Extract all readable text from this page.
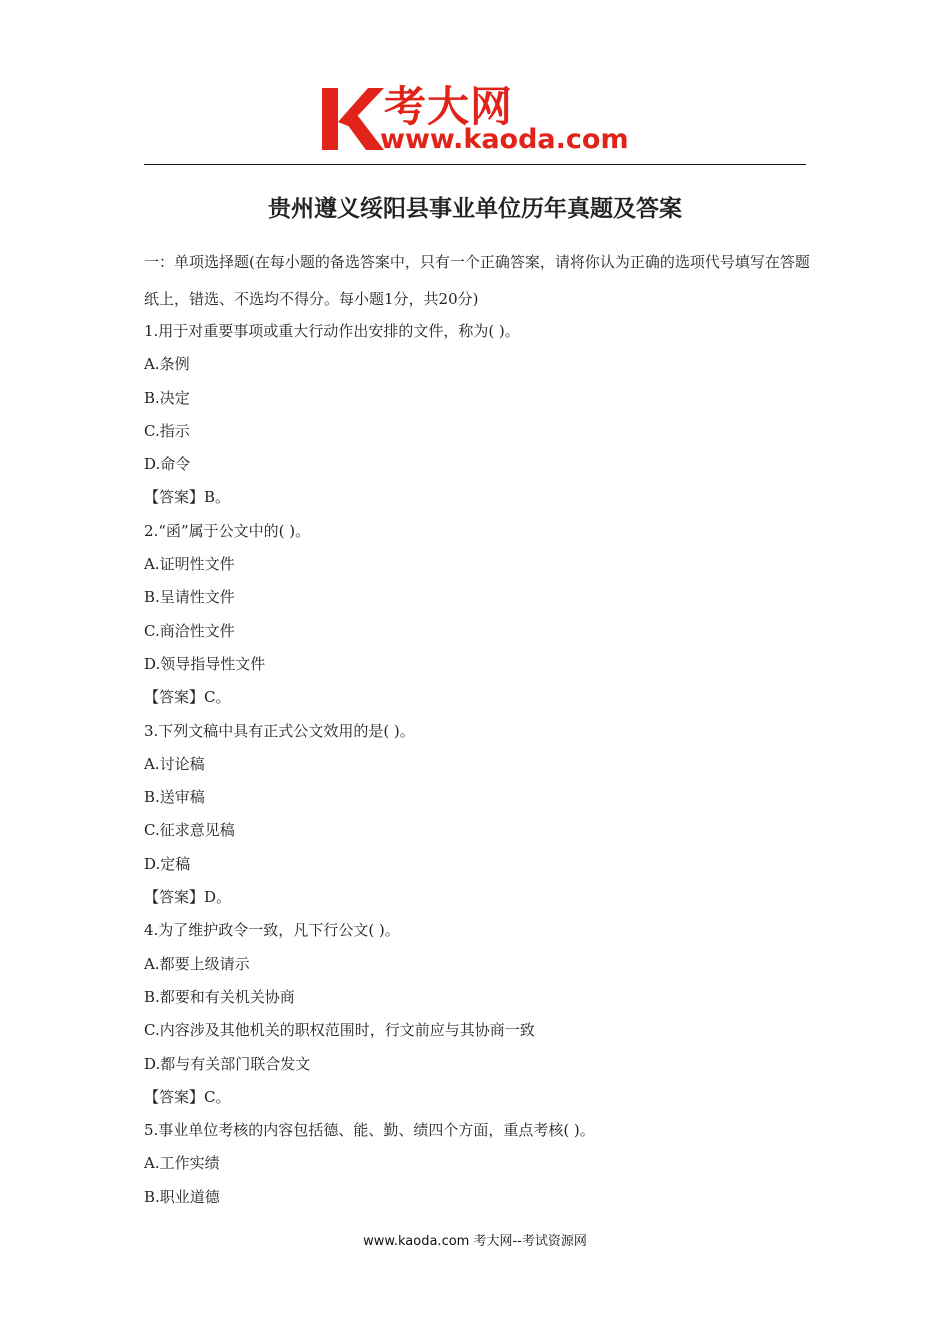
考大网
www.kaoda.com
贵州遵义绥阳县事业单位历年真题及答案
一：单项选择题(在每小题的备选答案中，只有一个正确答案，请将你认为正确的选项代号填写在答题纸上，错选、不选均不得分。每小题1分，共20分)
1.用于对重要事项或重大行动作出安排的文件，称为( )。
A.条例
B.决定
C.指示
D.命令
【答案】B。
2.“函”属于公文中的( )。
A.证明性文件
B.呈请性文件
C.商洽性文件
D.领导指导性文件
【答案】C。
3.下列文稿中具有正式公文效用的是( )。
A.讨论稿
B.送审稿
C.征求意见稿
D.定稿
【答案】D。
4.为了维护政令一致，凡下行公文( )。
A.都要上级请示
B.都要和有关机关协商
C.内容涉及其他机关的职权范围时，行文前应与其协商一致
D.都与有关部门联合发文
【答案】C。
5.事业单位考核的内容包括德、能、勤、绩四个方面，重点考核( )。
A.工作实绩
B.职业道德
www.kaoda.com 考大网--考试资源网
